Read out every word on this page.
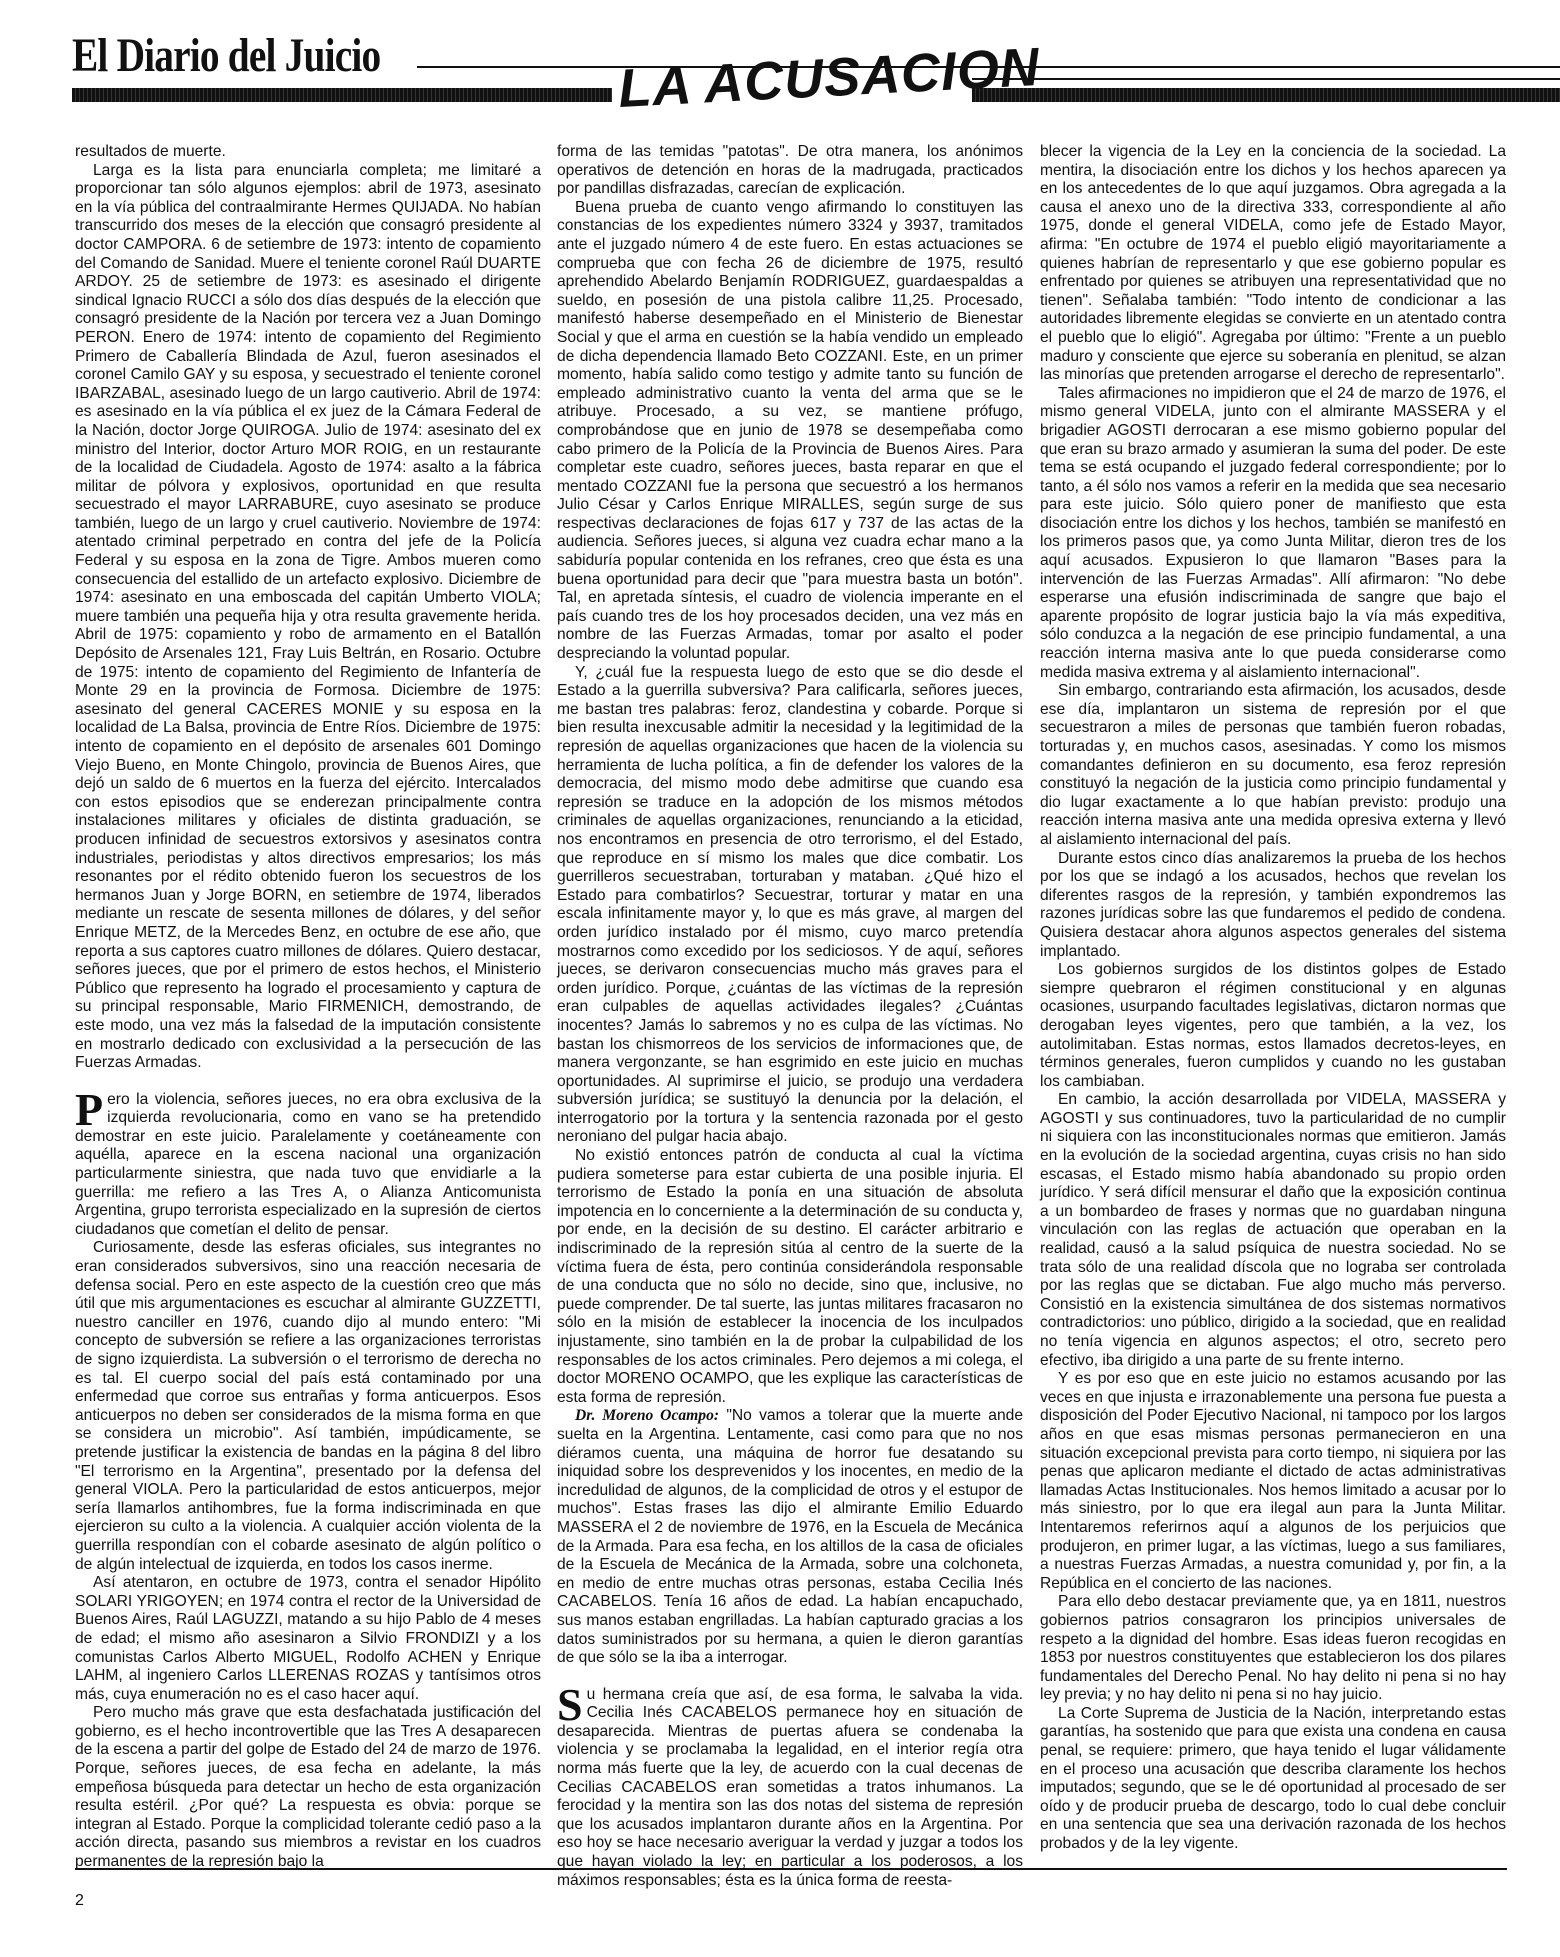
El Diario del Juicio	LA ACUSACION

resultados de muerte.

Larga es la lista para enunciarla completa; me limitaré a proporcionar tan sólo algunos ejemplos: abril de 1973, asesinato en la vía pública del contraalmirante Hermes QUIJADA. No habían transcurrido dos meses de la elección que consagró presidente al doctor CAMPORA. 6 de setiembre de 1973: intento de copamiento del Comando de Sanidad. Muere el teniente coronel Raúl DUARTE ARDOY. 25 de setiembre de 1973: es asesinado el dirigente sindical Ignacio RUCCI a sólo dos días después de la elección que consagró presidente de la Nación por tercera vez a Juan Domingo PERON. Enero de 1974: intento de copamiento del Regimiento Primero de Caballería Blindada de Azul, fueron asesinados el coronel Camilo GAY y su esposa, y secuestrado el teniente coronel IBARZABAL, asesinado luego de un largo cautiverio. Abril de 1974: es asesinado en la vía pública el ex juez de la Cámara Federal de la Nación, doctor Jorge QUIROGA. Julio de 1974: asesinato del ex ministro del Interior, doctor Arturo MOR ROIG, en un restaurante de la localidad de Ciudadela. Agosto de 1974: asalto a la fábrica militar de pólvora y explosivos, oportunidad en que resulta secuestrado el mayor LARRABURE, cuyo asesinato se produce también, luego de un largo y cruel cautiverio. Noviembre de 1974: atentado criminal perpetrado en contra del jefe de la Policía Federal y su esposa en la zona de Tigre. Ambos mueren como consecuencia del estallido de un artefacto explosivo. Diciembre de 1974: asesinato en una emboscada del capitán Umberto VIOLA; muere también una pequeña hija y otra resulta gravemente herida. Abril de 1975: copamiento y robo de armamento en el Batallón Depósito de Arsenales 121, Fray Luis Beltrán, en Rosario. Octubre de 1975: intento de copamiento del Regimiento de Infantería de Monte 29 en la provincia de Formosa. Diciembre de 1975: asesinato del general CACERES MONIE y su esposa en la localidad de La Balsa, provincia de Entre Ríos. Diciembre de 1975: intento de copamiento en el depósito de arsenales 601 Domingo Viejo Bueno, en Monte Chingolo, provincia de Buenos Aires, que dejó un saldo de 6 muertos en la fuerza del ejército. Intercalados con estos episodios que se enderezan principalmente contra instalaciones militares y oficiales de distinta graduación, se producen infinidad de secuestros extorsivos y asesinatos contra industriales, periodistas y altos directivos empresarios; los más resonantes por el rédito obtenido fueron los secuestros de los hermanos Juan y Jorge BORN, en setiembre de 1974, liberados mediante un rescate de sesenta millones de dólares, y del señor Enrique METZ, de la Mercedes Benz, en octubre de ese año, que reporta a sus captores cuatro millones de dólares. Quiero destacar, señores jueces, que por el primero de estos hechos, el Ministerio Público que represento ha logrado el procesamiento y captura de su principal responsable, Mario FIRMENICH, demostrando, de este modo, una vez más la falsedad de la imputación consistente en mostrarlo dedicado con exclusividad a la persecución de las Fuerzas Armadas.

Pero la violencia, señores jueces, no era obra exclusiva de la izquierda revolucionaria, como en vano se ha pretendido demostrar en este juicio. Paralelamente y coetáneamente con aquélla, aparece en la escena nacional una organización particularmente siniestra, que nada tuvo que envidiarle a la guerrilla: me refiero a las Tres A, o Alianza Anticomunista Argentina, grupo terrorista especializado en la supresión de ciertos ciudadanos que cometían el delito de pensar.

Curiosamente, desde las esferas oficiales, sus integrantes no eran considerados subversivos, sino una reacción necesaria de defensa social. Pero en este aspecto de la cuestión creo que más útil que mis argumentaciones es escuchar al almirante GUZZETTI, nuestro canciller en 1976, cuando dijo al mundo entero: "Mi concepto de subversión se refiere a las organizaciones terroristas de signo izquierdista. La subversión o el terrorismo de derecha no es tal. El cuerpo social del país está contaminado por una enfermedad que corroe sus entrañas y forma anticuerpos. Esos anticuerpos no deben ser considerados de la misma forma en que se considera un microbio". Así también, impúdicamente, se pretende justificar la existencia de bandas en la página 8 del libro "El terrorismo en la Argentina", presentado por la defensa del general VIOLA. Pero la particularidad de estos anticuerpos, mejor sería llamarlos antihombres, fue la forma indiscriminada en que ejercieron su culto a la violencia. A cualquier acción violenta de la guerrilla respondían con el cobarde asesinato de algún político o de algún intelectual de izquierda, en todos los casos inerme.

Así atentaron, en octubre de 1973, contra el senador Hipólito SOLARI YRIGOYEN; en 1974 contra el rector de la Universidad de Buenos Aires, Raúl LAGUZZI, matando a su hijo Pablo de 4 meses de edad; el mismo año asesinaron a Silvio FRONDIZI y a los comunistas Carlos Alberto MIGUEL, Rodolfo ACHEN y Enrique LAHM, al ingeniero Carlos LLERENAS ROZAS y tantísimos otros más, cuya enumeración no es el caso hacer aquí.

Pero mucho más grave que esta desfachatada justificación del gobierno, es el hecho incontrovertible que las Tres A desaparecen de la escena a partir del golpe de Estado del 24 de marzo de 1976. Porque, señores jueces, de esa fecha en adelante, la más empeñosa búsqueda para detectar un hecho de esta organización resulta estéril. ¿Por qué? La respuesta es obvia: porque se integran al Estado. Porque la complicidad tolerante cedió paso a la acción directa, pasando sus miembros a revistar en los cuadros permanentes de la represión bajo la

forma de las temidas "patotas". De otra manera, los anónimos operativos de detención en horas de la madrugada, practicados por pandillas disfrazadas, carecían de explicación.

Buena prueba de cuanto vengo afirmando lo constituyen las constancias de los expedientes número 3324 y 3937, tramitados ante el juzgado número 4 de este fuero. En estas actuaciones se comprueba que con fecha 26 de diciembre de 1975, resultó aprehendido Abelardo Benjamín RODRIGUEZ, guardaespaldas a sueldo, en posesión de una pistola calibre 11,25. Procesado, manifestó haberse desempeñado en el Ministerio de Bienestar Social y que el arma en cuestión se la había vendido un empleado de dicha dependencia llamado Beto COZZANI. Este, en un primer momento, había salido como testigo y admite tanto su función de empleado administrativo cuanto la venta del arma que se le atribuye. Procesado, a su vez, se mantiene prófugo, comprobándose que en junio de 1978 se desempeñaba como cabo primero de la Policía de la Provincia de Buenos Aires. Para completar este cuadro, señores jueces, basta reparar en que el mentado COZZANI fue la persona que secuestró a los hermanos Julio César y Carlos Enrique MIRALLES, según surge de sus respectivas declaraciones de fojas 617 y 737 de las actas de la audiencia. Señores jueces, si alguna vez cuadra echar mano a la sabiduría popular contenida en los refranes, creo que ésta es una buena oportunidad para decir que "para muestra basta un botón". Tal, en apretada síntesis, el cuadro de violencia imperante en el país cuando tres de los hoy procesados deciden, una vez más en nombre de las Fuerzas Armadas, tomar por asalto el poder despreciando la voluntad popular.

Y, ¿cuál fue la respuesta luego de esto que se dio desde el Estado a la guerrilla subversiva? Para calificarla, señores jueces, me bastan tres palabras: feroz, clandestina y cobarde. Porque si bien resulta inexcusable admitir la necesidad y la legitimidad de la represión de aquellas organizaciones que hacen de la violencia su herramienta de lucha política, a fin de defender los valores de la democracia, del mismo modo debe admitirse que cuando esa represión se traduce en la adopción de los mismos métodos criminales de aquellas organizaciones, renunciando a la eticidad, nos encontramos en presencia de otro terrorismo, el del Estado, que reproduce en sí mismo los males que dice combatir. Los guerrilleros secuestraban, torturaban y mataban. ¿Qué hizo el Estado para combatirlos? Secuestrar, torturar y matar en una escala infinitamente mayor y, lo que es más grave, al margen del orden jurídico instalado por él mismo, cuyo marco pretendía mostrarnos como excedido por los sediciosos. Y de aquí, señores jueces, se derivaron consecuencias mucho más graves para el orden jurídico. Porque, ¿cuántas de las víctimas de la represión eran culpables de aquellas actividades ilegales? ¿Cuántas inocentes? Jamás lo sabremos y no es culpa de las víctimas. No bastan los chismorreos de los servicios de informaciones que, de manera vergonzante, se han esgrimido en este juicio en muchas oportunidades. Al suprimirse el juicio, se produjo una verdadera subversión jurídica; se sustituyó la denuncia por la delación, el interrogatorio por la tortura y la sentencia razonada por el gesto neroniano del pulgar hacia abajo.

No existió entonces patrón de conducta al cual la víctima pudiera someterse para estar cubierta de una posible injuria. El terrorismo de Estado la ponía en una situación de absoluta impotencia en lo concerniente a la determinación de su conducta y, por ende, en la decisión de su destino. El carácter arbitrario e indiscriminado de la represión sitúa al centro de la suerte de la víctima fuera de ésta, pero continúa considerándola responsable de una conducta que no sólo no decide, sino que, inclusive, no puede comprender. De tal suerte, las juntas militares fracasaron no sólo en la misión de establecer la inocencia de los inculpados injustamente, sino también en la de probar la culpabilidad de los responsables de los actos criminales. Pero dejemos a mi colega, el doctor MORENO OCAMPO, que les explique las características de esta forma de represión.

Dr. Moreno Ocampo: "No vamos a tolerar que la muerte ande suelta en la Argentina. Lentamente, casi como para que no nos diéramos cuenta, una máquina de horror fue desatando su iniquidad sobre los desprevenidos y los inocentes, en medio de la incredulidad de algunos, de la complicidad de otros y el estupor de muchos". Estas frases las dijo el almirante Emilio Eduardo MASSERA el 2 de noviembre de 1976, en la Escuela de Mecánica de la Armada. Para esa fecha, en los altillos de la casa de oficiales de la Escuela de Mecánica de la Armada, sobre una colchoneta, en medio de entre muchas otras personas, estaba Cecilia Inés CACABELOS. Tenía 16 años de edad. La habían encapuchado, sus manos estaban engrilladas. La habían capturado gracias a los datos suministrados por su hermana, a quien le dieron garantías de que sólo se la iba a interrogar.

Su hermana creía que así, de esa forma, le salvaba la vida. Cecilia Inés CACABELOS permanece hoy en situación de desaparecida. Mientras de puertas afuera se condenaba la violencia y se proclamaba la legalidad, en el interior regía otra norma más fuerte que la ley, de acuerdo con la cual decenas de Cecilias CACABELOS eran sometidas a tratos inhumanos. La ferocidad y la mentira son las dos notas del sistema de represión que los acusados implantaron durante años en la Argentina. Por eso hoy se hace necesario averiguar la verdad y juzgar a todos los que hayan violado la ley; en particular a los poderosos, a los máximos responsables; ésta es la única forma de reesta-

blecer la vigencia de la Ley en la conciencia de la sociedad. La mentira, la disociación entre los dichos y los hechos aparecen ya en los antecedentes de lo que aquí juzgamos. Obra agregada a la causa el anexo uno de la directiva 333, correspondiente al año 1975, donde el general VIDELA, como jefe de Estado Mayor, afirma: "En octubre de 1974 el pueblo eligió mayoritariamente a quienes habrían de representarlo y que ese gobierno popular es enfrentado por quienes se atribuyen una representatividad que no tienen". Señalaba también: "Todo intento de condicionar a las autoridades libremente elegidas se convierte en un atentado contra el pueblo que lo eligió". Agregaba por último: "Frente a un pueblo maduro y consciente que ejerce su soberanía en plenitud, se alzan las minorías que pretenden arrogarse el derecho de representarlo".

Tales afirmaciones no impidieron que el 24 de marzo de 1976, el mismo general VIDELA, junto con el almirante MASSERA y el brigadier AGOSTI derrocaran a ese mismo gobierno popular del que eran su brazo armado y asumieran la suma del poder. De este tema se está ocupando el juzgado federal correspondiente; por lo tanto, a él sólo nos vamos a referir en la medida que sea necesario para este juicio. Sólo quiero poner de manifiesto que esta disociación entre los dichos y los hechos, también se manifestó en los primeros pasos que, ya como Junta Militar, dieron tres de los aquí acusados. Expusieron lo que llamaron "Bases para la intervención de las Fuerzas Armadas". Allí afirmaron: "No debe esperarse una efusión indiscriminada de sangre que bajo el aparente propósito de lograr justicia bajo la vía más expeditiva, sólo conduzca a la negación de ese principio fundamental, a una reacción interna masiva ante lo que pueda considerarse como medida masiva extrema y al aislamiento internacional".

Sin embargo, contrariando esta afirmación, los acusados, desde ese día, implantaron un sistema de represión por el que secuestraron a miles de personas que también fueron robadas, torturadas y, en muchos casos, asesinadas. Y como los mismos comandantes definieron en su documento, esa feroz represión constituyó la negación de la justicia como principio fundamental y dio lugar exactamente a lo que habían previsto: produjo una reacción interna masiva ante una medida opresiva externa y llevó al aislamiento internacional del país.

Durante estos cinco días analizaremos la prueba de los hechos por los que se indagó a los acusados, hechos que revelan los diferentes rasgos de la represión, y también expondremos las razones jurídicas sobre las que fundaremos el pedido de condena. Quisiera destacar ahora algunos aspectos generales del sistema implantado.

Los gobiernos surgidos de los distintos golpes de Estado siempre quebraron el régimen constitucional y en algunas ocasiones, usurpando facultades legislativas, dictaron normas que derogaban leyes vigentes, pero que también, a la vez, los autolimitaban. Estas normas, estos llamados decretos-leyes, en términos generales, fueron cumplidos y cuando no les gustaban los cambiaban.

En cambio, la acción desarrollada por VIDELA, MASSERA y AGOSTI y sus continuadores, tuvo la particularidad de no cumplir ni siquiera con las inconstitucionales normas que emitieron. Jamás en la evolución de la sociedad argentina, cuyas crisis no han sido escasas, el Estado mismo había abandonado su propio orden jurídico. Y será difícil mensurar el daño que la exposición continua a un bombardeo de frases y normas que no guardaban ninguna vinculación con las reglas de actuación que operaban en la realidad, causó a la salud psíquica de nuestra sociedad. No se trata sólo de una realidad díscola que no lograba ser controlada por las reglas que se dictaban. Fue algo mucho más perverso. Consistió en la existencia simultánea de dos sistemas normativos contradictorios: uno público, dirigido a la sociedad, que en realidad no tenía vigencia en algunos aspectos; el otro, secreto pero efectivo, iba dirigido a una parte de su frente interno.

Y es por eso que en este juicio no estamos acusando por las veces en que injusta e irrazonablemente una persona fue puesta a disposición del Poder Ejecutivo Nacional, ni tampoco por los largos años en que esas mismas personas permanecieron en una situación excepcional prevista para corto tiempo, ni siquiera por las penas que aplicaron mediante el dictado de actas administrativas llamadas Actas Institucionales. Nos hemos limitado a acusar por lo más siniestro, por lo que era ilegal aun para la Junta Militar. Intentaremos referirnos aquí a algunos de los perjuicios que produjeron, en primer lugar, a las víctimas, luego a sus familiares, a nuestras Fuerzas Armadas, a nuestra comunidad y, por fin, a la República en el concierto de las naciones.

Para ello debo destacar previamente que, ya en 1811, nuestros gobiernos patrios consagraron los principios universales de respeto a la dignidad del hombre. Esas ideas fueron recogidas en 1853 por nuestros constituyentes que establecieron los dos pilares fundamentales del Derecho Penal. No hay delito ni pena si no hay ley previa; y no hay delito ni pena si no hay juicio.

La Corte Suprema de Justicia de la Nación, interpretando estas garantías, ha sostenido que para que exista una condena en causa penal, se requiere: primero, que haya tenido el lugar válidamente en el proceso una acusación que describa claramente los hechos imputados; segundo, que se le dé oportunidad al procesado de ser oído y de producir prueba de descargo, todo lo cual debe concluir en una sentencia que sea una derivación razonada de los hechos probados y de la ley vigente.

2
